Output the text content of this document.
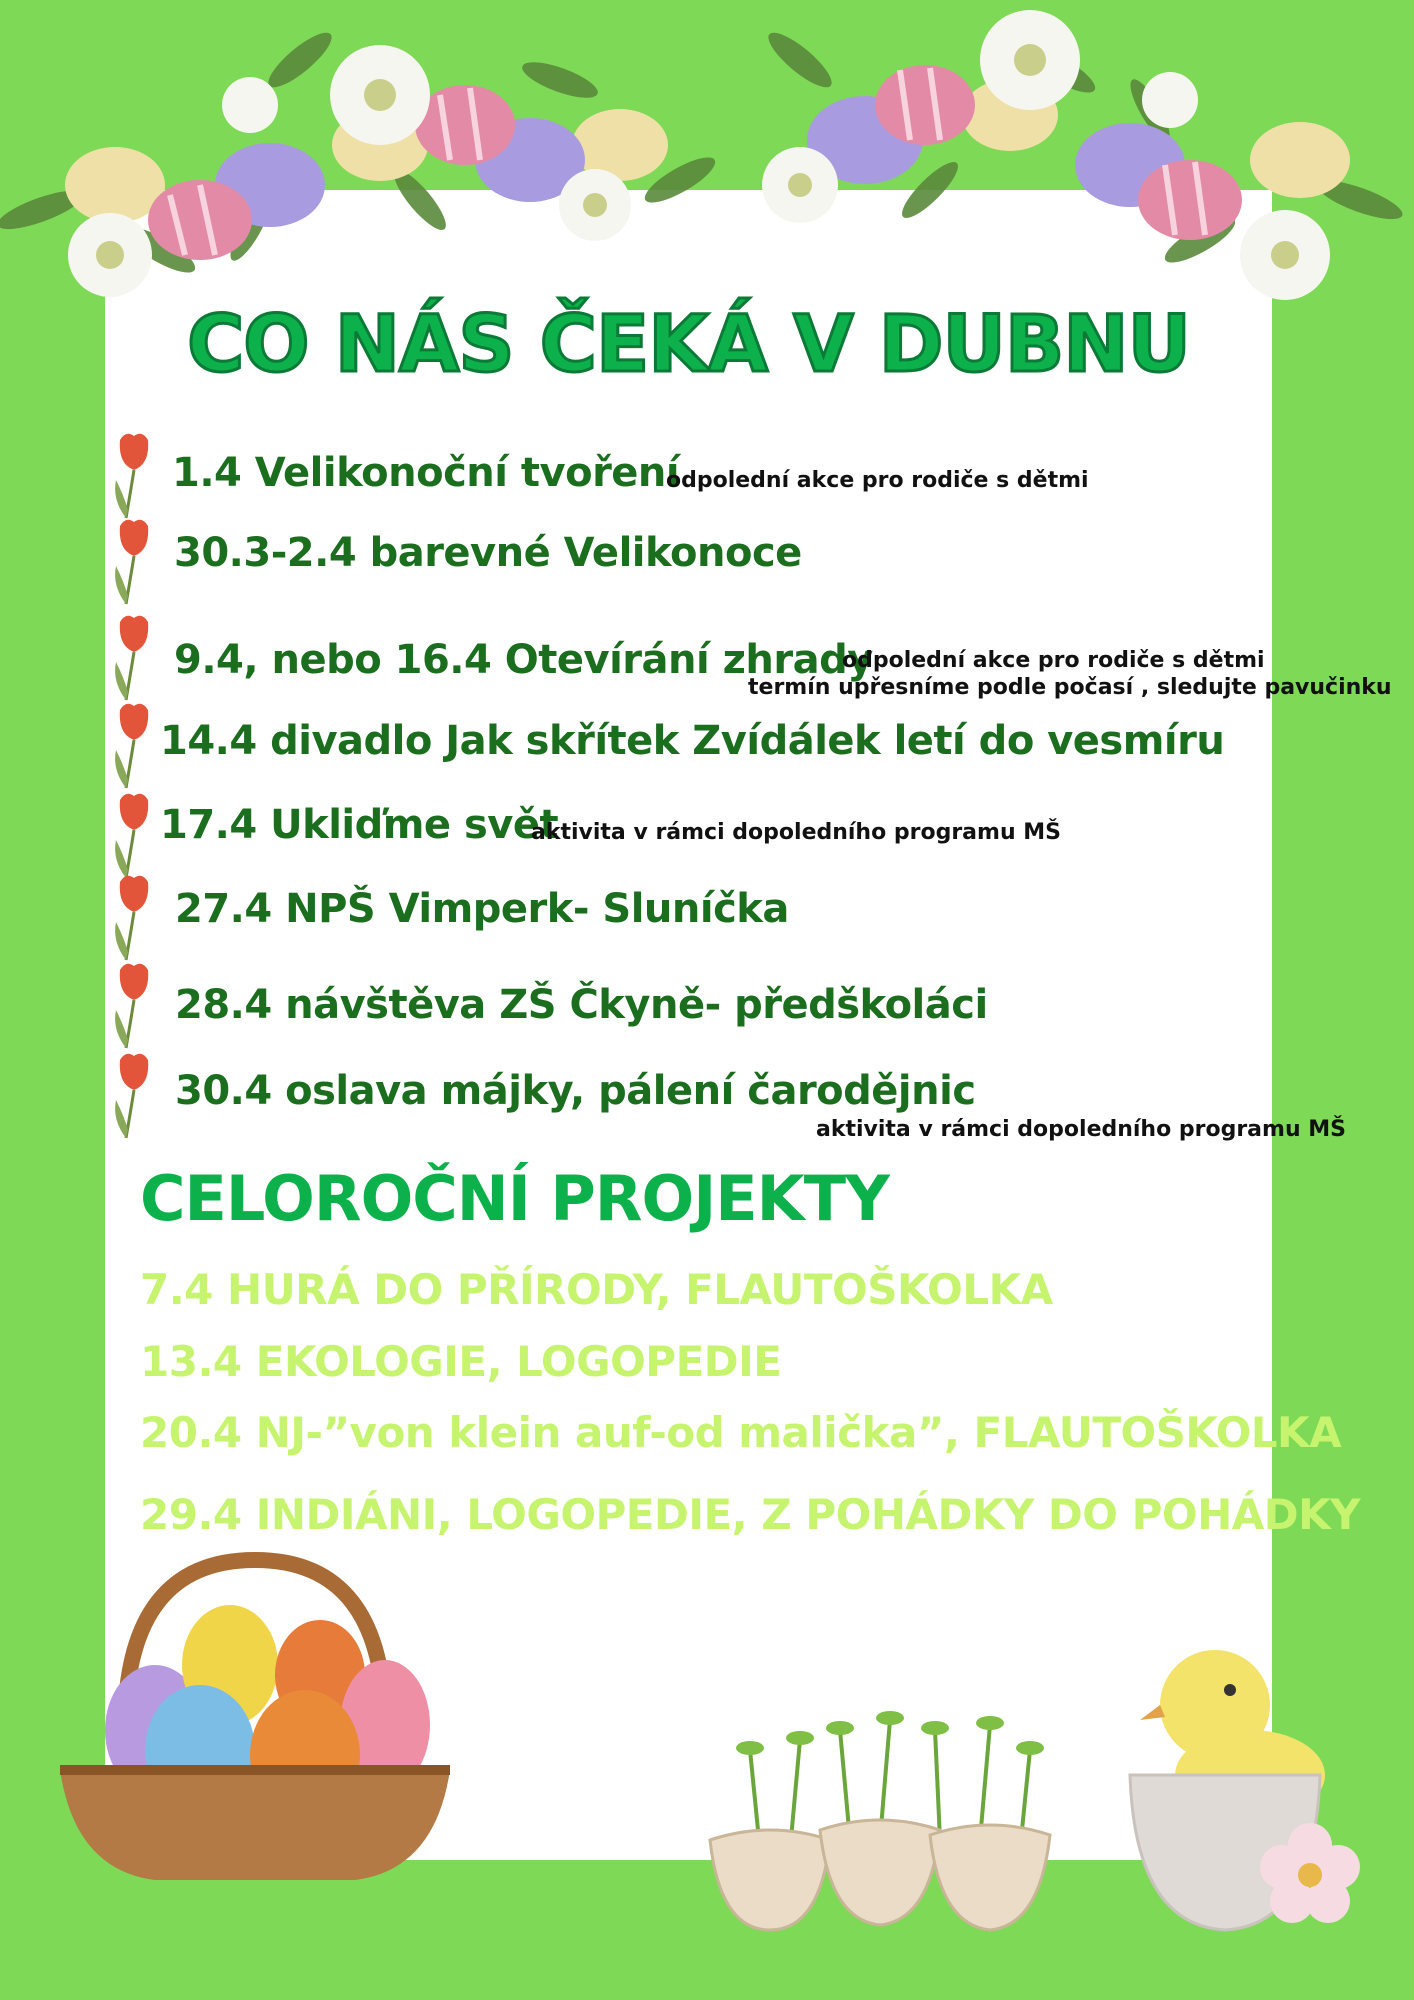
CO NÁS ČEKÁ V DUBNU
1.4 Velikonoční tvoření
odpolední akce pro rodiče s dětmi
30.3-2.4 barevné Velikonoce
9.4, nebo 16.4 Otevírání zhrady
odpolední akce pro rodiče s dětmi
termín upřesníme podle počasí , sledujte pavučinku
14.4 divadlo Jak skřítek Zvídálek letí do vesmíru
17.4 Ukliďme svět
aktivita v rámci dopoledního programu MŠ
27.4 NPŠ Vimperk- Sluníčka
28.4 návštěva ZŠ Čkyně- předškoláci
30.4 oslava májky, pálení čarodějnic
aktivita v rámci dopoledního programu MŠ
CELOROČNÍ PROJEKTY
7.4 HURÁ DO PŘÍRODY, FLAUTOŠKOLKA
13.4 EKOLOGIE, LOGOPEDIE
20.4 NJ-”von klein auf-od malička”, FLAUTOŠKOLKA
29.4 INDIÁNI, LOGOPEDIE, Z POHÁDKY DO POHÁDKY
